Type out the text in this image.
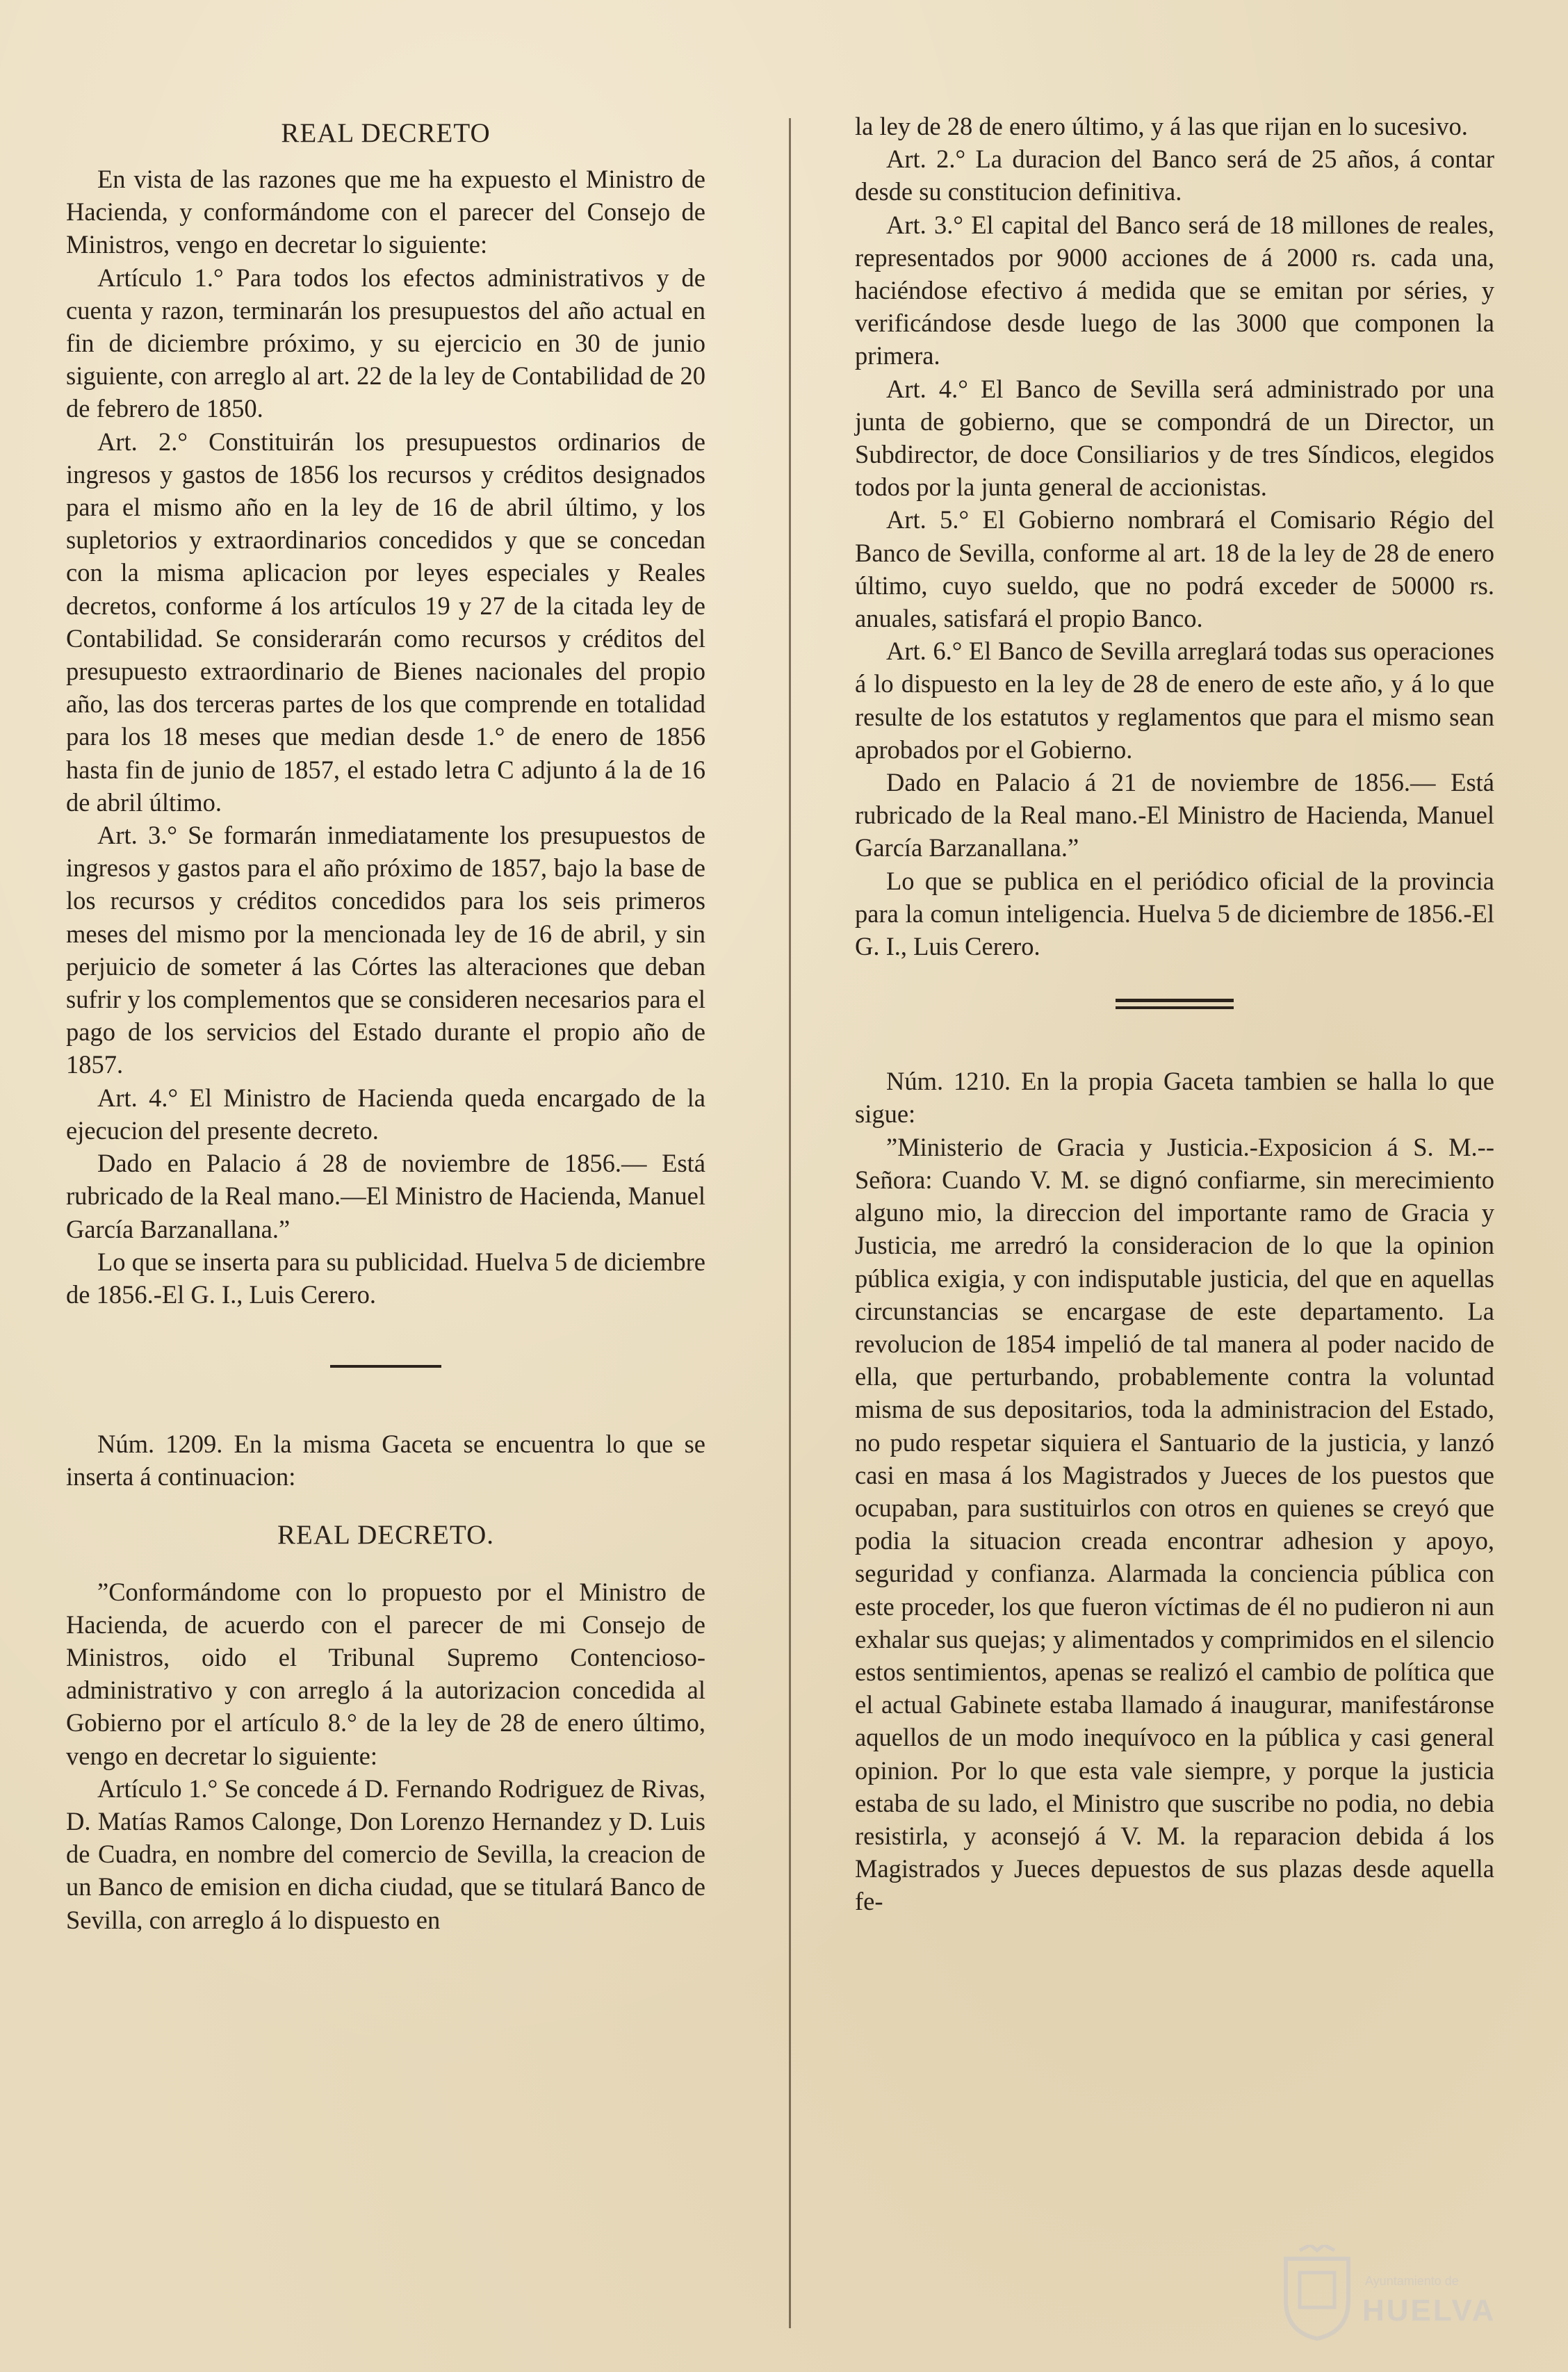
REAL DECRETO

En vista de las razones que me ha expuesto el Ministro de Hacienda, y conformándome con el parecer del Consejo de Ministros, vengo en decretar lo siguiente:

Artículo 1.° Para todos los efectos administrativos y de cuenta y razon, terminarán los presupuestos del año actual en fin de diciembre próximo, y su ejercicio en 30 de junio siguiente, con arreglo al art. 22 de la ley de Contabilidad de 20 de febrero de 1850.

Art. 2.° Constituirán los presupuestos ordinarios de ingresos y gastos de 1856 los recursos y créditos designados para el mismo año en la ley de 16 de abril último, y los supletorios y extraordinarios concedidos y que se concedan con la misma aplicacion por leyes especiales y Reales decretos, conforme á los artículos 19 y 27 de la citada ley de Contabilidad. Se considerarán como recursos y créditos del presupuesto extraordinario de Bienes nacionales del propio año, las dos terceras partes de los que comprende en totalidad para los 18 meses que median desde 1.° de enero de 1856 hasta fin de junio de 1857, el estado letra C adjunto á la de 16 de abril último.

Art. 3.° Se formarán inmediatamente los presupuestos de ingresos y gastos para el año próximo de 1857, bajo la base de los recursos y créditos concedidos para los seis primeros meses del mismo por la mencionada ley de 16 de abril, y sin perjuicio de someter á las Córtes las alteraciones que deban sufrir y los complementos que se consideren necesarios para el pago de los servicios del Estado durante el propio año de 1857.

Art. 4.° El Ministro de Hacienda queda encargado de la ejecucion del presente decreto.

Dado en Palacio á 28 de noviembre de 1856.— Está rubricado de la Real mano.—El Ministro de Hacienda, Manuel García Barzanallana.”

Lo que se inserta para su publicidad. Huelva 5 de diciembre de 1856.-El G. I., Luis Cerero.

Núm. 1209. En la misma Gaceta se encuentra lo que se inserta á continuacion:

REAL DECRETO.

”Conformándome con lo propuesto por el Ministro de Hacienda, de acuerdo con el parecer de mi Consejo de Ministros, oido el Tribunal Supremo Contencioso-administrativo y con arreglo á la autorizacion concedida al Gobierno por el artículo 8.° de la ley de 28 de enero último, vengo en decretar lo siguiente:

Artículo 1.° Se concede á D. Fernando Rodriguez de Rivas, D. Matías Ramos Calonge, Don Lorenzo Hernandez y D. Luis de Cuadra, en nombre del comercio de Sevilla, la creacion de un Banco de emision en dicha ciudad, que se titulará Banco de Sevilla, con arreglo á lo dispuesto en

la ley de 28 de enero último, y á las que rijan en lo sucesivo.

Art. 2.° La duracion del Banco será de 25 años, á contar desde su constitucion definitiva.

Art. 3.° El capital del Banco será de 18 millones de reales, representados por 9000 acciones de á 2000 rs. cada una, haciéndose efectivo á medida que se emitan por séries, y verificándose desde luego de las 3000 que componen la primera.

Art. 4.° El Banco de Sevilla será administrado por una junta de gobierno, que se compondrá de un Director, un Subdirector, de doce Consiliarios y de tres Síndicos, elegidos todos por la junta general de accionistas.

Art. 5.° El Gobierno nombrará el Comisario Régio del Banco de Sevilla, conforme al art. 18 de la ley de 28 de enero último, cuyo sueldo, que no podrá exceder de 50000 rs. anuales, satisfará el propio Banco.

Art. 6.° El Banco de Sevilla arreglará todas sus operaciones á lo dispuesto en la ley de 28 de enero de este año, y á lo que resulte de los estatutos y reglamentos que para el mismo sean aprobados por el Gobierno.

Dado en Palacio á 21 de noviembre de 1856.— Está rubricado de la Real mano.-El Ministro de Hacienda, Manuel García Barzanallana.”

Lo que se publica en el periódico oficial de la provincia para la comun inteligencia. Huelva 5 de diciembre de 1856.-El G. I., Luis Cerero.

Núm. 1210. En la propia Gaceta tambien se halla lo que sigue:

”Ministerio de Gracia y Justicia.-Exposicion á S. M.--Señora: Cuando V. M. se dignó confiarme, sin merecimiento alguno mio, la direccion del importante ramo de Gracia y Justicia, me arredró la consideracion de lo que la opinion pública exigia, y con indisputable justicia, del que en aquellas circunstancias se encargase de este departamento. La revolucion de 1854 impelió de tal manera al poder nacido de ella, que perturbando, probablemente contra la voluntad misma de sus depositarios, toda la administracion del Estado, no pudo respetar siquiera el Santuario de la justicia, y lanzó casi en masa á los Magistrados y Jueces de los puestos que ocupaban, para sustituirlos con otros en quienes se creyó que podia la situacion creada encontrar adhesion y apoyo, seguridad y confianza. Alarmada la conciencia pública con este proceder, los que fueron víctimas de él no pudieron ni aun exhalar sus quejas; y alimentados y comprimidos en el silencio estos sentimientos, apenas se realizó el cambio de política que el actual Gabinete estaba llamado á inaugurar, manifestáronse aquellos de un modo inequívoco en la pública y casi general opinion. Por lo que esta vale siempre, y porque la justicia estaba de su lado, el Ministro que suscribe no podia, no debia resistirla, y aconsejó á V. M. la reparacion debida á los Magistrados y Jueces depuestos de sus plazas desde aquella fe-

Ayuntamiento de
HUELVA
